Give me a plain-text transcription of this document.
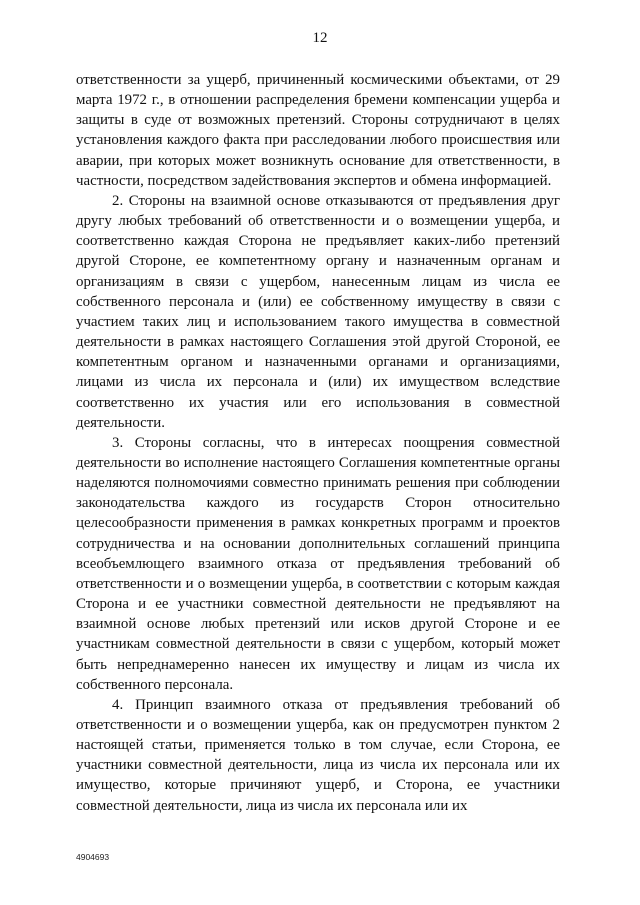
12

ответственности за ущерб, причиненный космическими объектами, от 29 марта 1972 г., в отношении распределения бремени компенсации ущерба и защиты в суде от возможных претензий. Стороны сотрудничают в целях установления каждого факта при расследовании любого происшествия или аварии, при которых может возникнуть основание для ответственности, в частности, посредством задействования экспертов и обмена информацией.

2. Стороны на взаимной основе отказываются от предъявления друг другу любых требований об ответственности и о возмещении ущерба, и соответственно каждая Сторона не предъявляет каких-либо претензий другой Стороне, ее компетентному органу и назначенным органам и организациям в связи с ущербом, нанесенным лицам из числа ее собственного персонала и (или) ее собственному имуществу в связи с участием таких лиц и использованием такого имущества в совместной деятельности в рамках настоящего Соглашения этой другой Стороной, ее компетентным органом и назначенными органами и организациями, лицами из числа их персонала и (или) их имуществом вследствие соответственно их участия или его использования в совместной деятельности.

3. Стороны согласны, что в интересах поощрения совместной деятельности во исполнение настоящего Соглашения компетентные органы наделяются полномочиями совместно принимать решения при соблюдении законодательства каждого из государств Сторон относительно целесообразности применения в рамках конкретных программ и проектов сотрудничества и на основании дополнительных соглашений принципа всеобъемлющего взаимного отказа от предъявления требований об ответственности и о возмещении ущерба, в соответствии с которым каждая Сторона и ее участники совместной деятельности не предъявляют на взаимной основе любых претензий или исков другой Стороне и ее участникам совместной деятельности в связи с ущербом, который может быть непреднамеренно нанесен их имуществу и лицам из числа их собственного персонала.

4. Принцип взаимного отказа от предъявления требований об ответственности и о возмещении ущерба, как он предусмотрен пунктом 2 настоящей статьи, применяется только в том случае, если Сторона, ее участники совместной деятельности, лица из числа их персонала или их имущество, которые причиняют ущерб, и Сторона, ее участники совместной деятельности, лица из числа их персонала или их

4904693
